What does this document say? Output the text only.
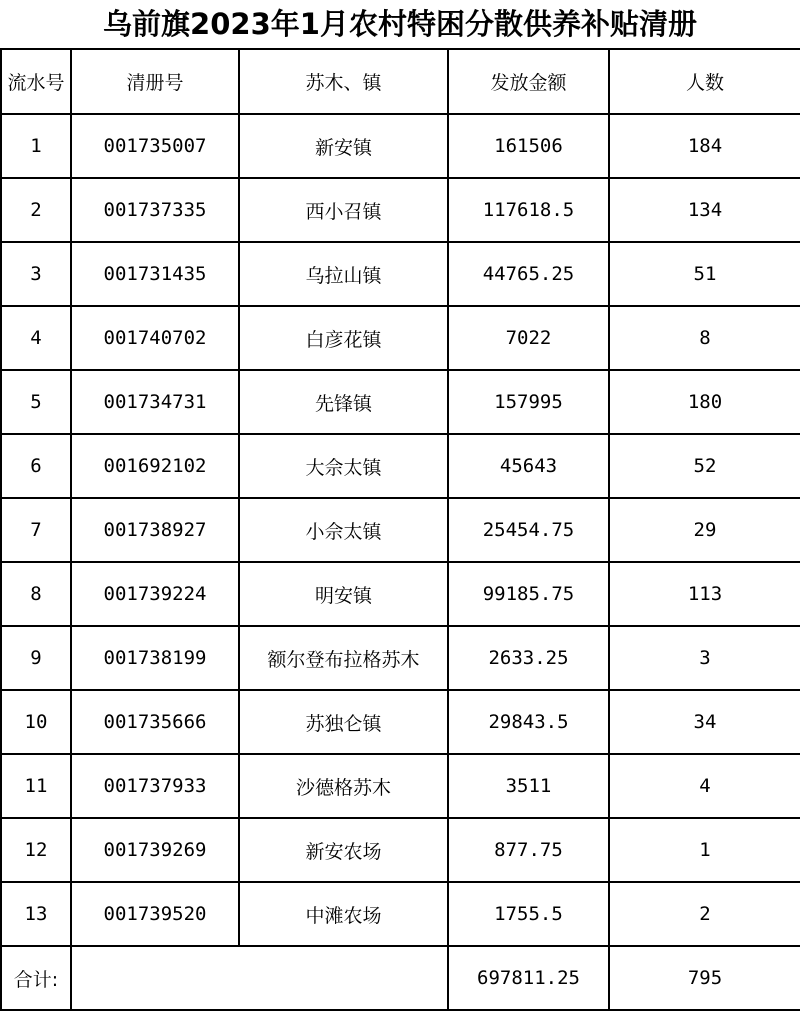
乌前旗2023年1月农村特困分散供养补贴清册
流水号	清册号	苏木、镇	发放金额	人数
1	001735007	新安镇	161506	184
2	001737335	西小召镇	117618.5	134
3	001731435	乌拉山镇	44765.25	51
4	001740702	白彦花镇	7022	8
5	001734731	先锋镇	157995	180
6	001692102	大佘太镇	45643	52
7	001738927	小佘太镇	25454.75	29
8	001739224	明安镇	99185.75	113
9	001738199	额尔登布拉格苏木	2633.25	3
10	001735666	苏独仑镇	29843.5	34
11	001737933	沙德格苏木	3511	4
12	001739269	新安农场	877.75	1
13	001739520	中滩农场	1755.5	2
合计:			697811.25	795
